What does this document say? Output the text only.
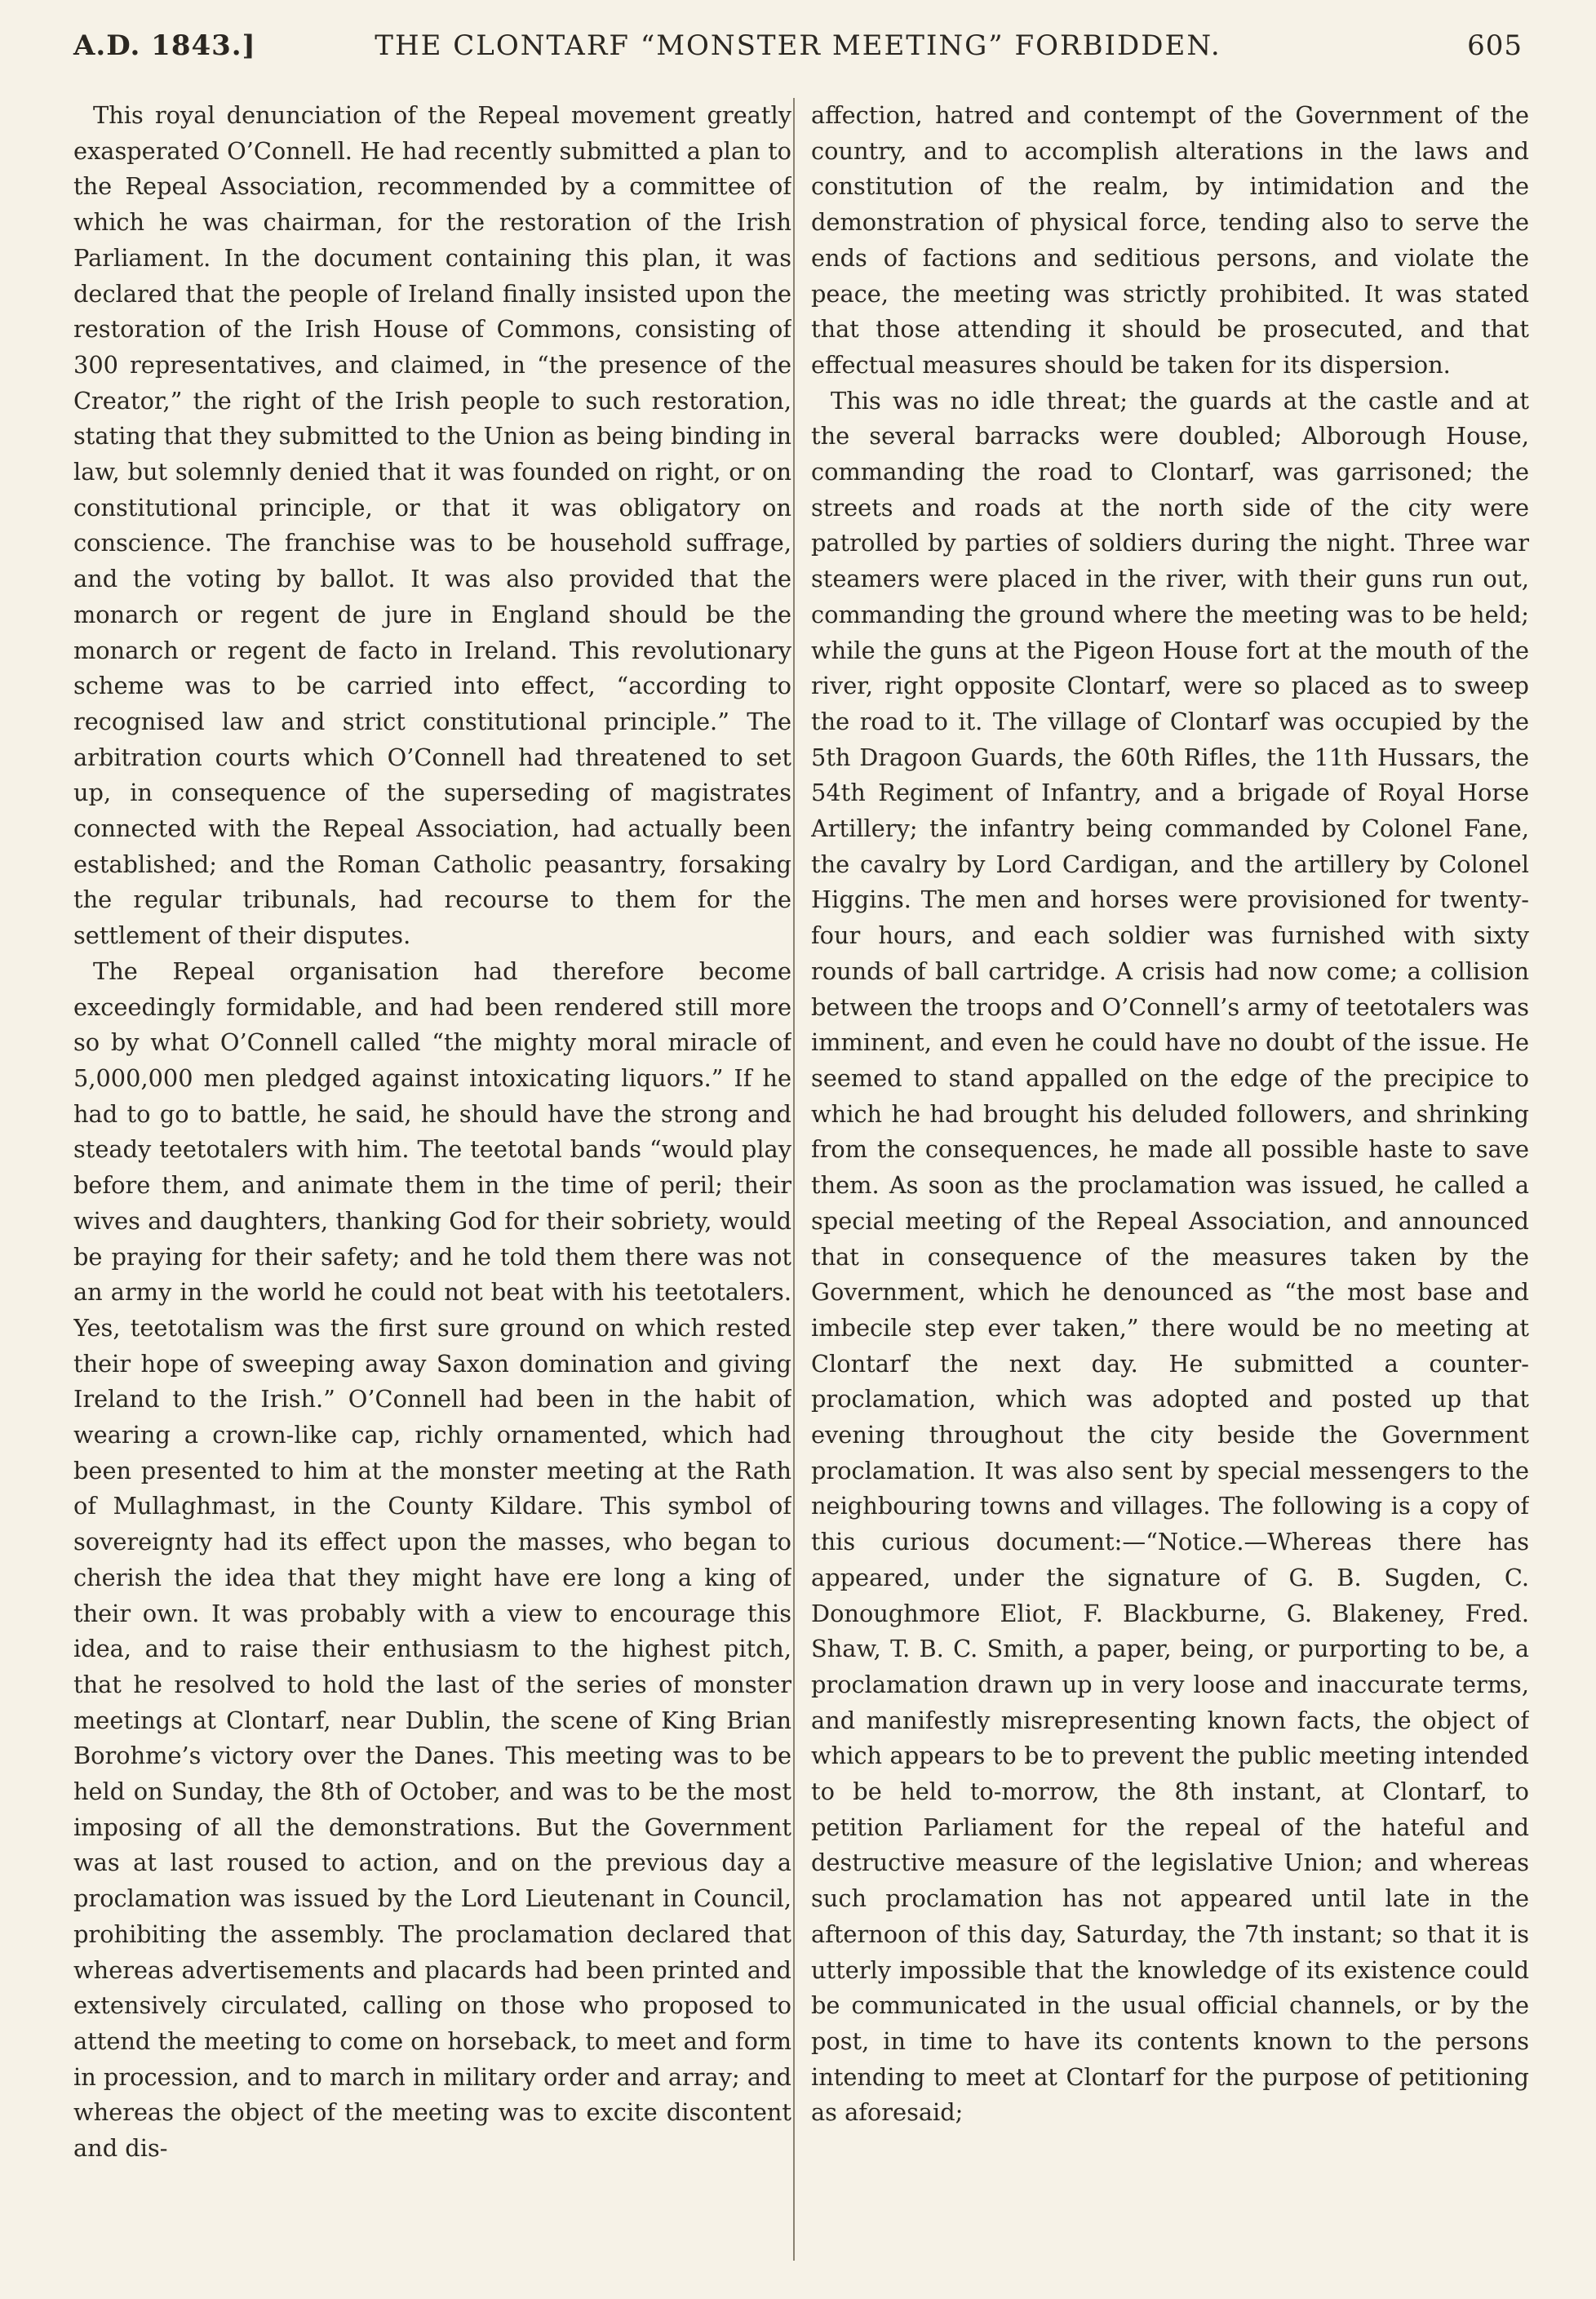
THE CLONTARF “MONSTER MEETING” FORBIDDEN.
A.D. 1843.]	605

This royal denunciation of the Repeal movement greatly exasperated O’Connell. He had recently submitted a plan to the Repeal Association, recommended by a committee of which he was chairman, for the restoration of the Irish Parliament. In the document containing this plan, it was declared that the people of Ireland finally insisted upon the restoration of the Irish House of Commons, consisting of 300 representatives, and claimed, in “the presence of the Creator,” the right of the Irish people to such restoration, stating that they submitted to the Union as being binding in law, but solemnly denied that it was founded on right, or on constitutional principle, or that it was obligatory on conscience. The franchise was to be household suffrage, and the voting by ballot. It was also provided that the monarch or regent de jure in England should be the monarch or regent de facto in Ireland. This revolutionary scheme was to be carried into effect, “according to recognised law and strict constitutional principle.” The arbitration courts which O’Connell had threatened to set up, in consequence of the superseding of magistrates connected with the Repeal Association, had actually been established; and the Roman Catholic peasantry, forsaking the regular tribunals, had recourse to them for the settlement of their disputes.

The Repeal organisation had therefore become exceedingly formidable, and had been rendered still more so by what O’Connell called “the mighty moral miracle of 5,000,000 men pledged against intoxicating liquors.” If he had to go to battle, he said, he should have the strong and steady teetotalers with him. The teetotal bands “would play before them, and animate them in the time of peril; their wives and daughters, thanking God for their sobriety, would be praying for their safety; and he told them there was not an army in the world he could not beat with his teetotalers. Yes, teetotalism was the first sure ground on which rested their hope of sweeping away Saxon domination and giving Ireland to the Irish.” O’Connell had been in the habit of wearing a crown-like cap, richly ornamented, which had been presented to him at the monster meeting at the Rath of Mullaghmast, in the County Kildare. This symbol of sovereignty had its effect upon the masses, who began to cherish the idea that they might have ere long a king of their own. It was probably with a view to encourage this idea, and to raise their enthusiasm to the highest pitch, that he resolved to hold the last of the series of monster meetings at Clontarf, near Dublin, the scene of King Brian Borohme’s victory over the Danes. This meeting was to be held on Sunday, the 8th of October, and was to be the most imposing of all the demonstrations. But the Government was at last roused to action, and on the previous day a proclamation was issued by the Lord Lieutenant in Council, prohibiting the assembly. The proclamation declared that whereas advertisements and placards had been printed and extensively circulated, calling on those who proposed to attend the meeting to come on horseback, to meet and form in procession, and to march in military order and array; and whereas the object of the meeting was to excite discontent and dis-

affection, hatred and contempt of the Government of the country, and to accomplish alterations in the laws and constitution of the realm, by intimidation and the demonstration of physical force, tending also to serve the ends of factions and seditious persons, and violate the peace, the meeting was strictly prohibited. It was stated that those attending it should be prosecuted, and that effectual measures should be taken for its dispersion.

This was no idle threat; the guards at the castle and at the several barracks were doubled; Alborough House, commanding the road to Clontarf, was garrisoned; the streets and roads at the north side of the city were patrolled by parties of soldiers during the night. Three war steamers were placed in the river, with their guns run out, commanding the ground where the meeting was to be held; while the guns at the Pigeon House fort at the mouth of the river, right opposite Clontarf, were so placed as to sweep the road to it. The village of Clontarf was occupied by the 5th Dragoon Guards, the 60th Rifles, the 11th Hussars, the 54th Regiment of Infantry, and a brigade of Royal Horse Artillery; the infantry being commanded by Colonel Fane, the cavalry by Lord Cardigan, and the artillery by Colonel Higgins. The men and horses were provisioned for twenty-four hours, and each soldier was furnished with sixty rounds of ball cartridge. A crisis had now come; a collision between the troops and O’Connell’s army of teetotalers was imminent, and even he could have no doubt of the issue. He seemed to stand appalled on the edge of the precipice to which he had brought his deluded followers, and shrinking from the consequences, he made all possible haste to save them. As soon as the proclamation was issued, he called a special meeting of the Repeal Association, and announced that in consequence of the measures taken by the Government, which he denounced as “the most base and imbecile step ever taken,” there would be no meeting at Clontarf the next day. He submitted a counter-proclamation, which was adopted and posted up that evening throughout the city beside the Government proclamation. It was also sent by special messengers to the neighbouring towns and villages. The following is a copy of this curious document:—“Notice.—Whereas there has appeared, under the signature of G. B. Sugden, C. Donoughmore Eliot, F. Blackburne, G. Blakeney, Fred. Shaw, T. B. C. Smith, a paper, being, or purporting to be, a proclamation drawn up in very loose and inaccurate terms, and manifestly misrepresenting known facts, the object of which appears to be to prevent the public meeting intended to be held to-morrow, the 8th instant, at Clontarf, to petition Parliament for the repeal of the hateful and destructive measure of the legislative Union; and whereas such proclamation has not appeared until late in the afternoon of this day, Saturday, the 7th instant; so that it is utterly impossible that the knowledge of its existence could be communicated in the usual official channels, or by the post, in time to have its contents known to the persons intending to meet at Clontarf for the purpose of petitioning as aforesaid;
